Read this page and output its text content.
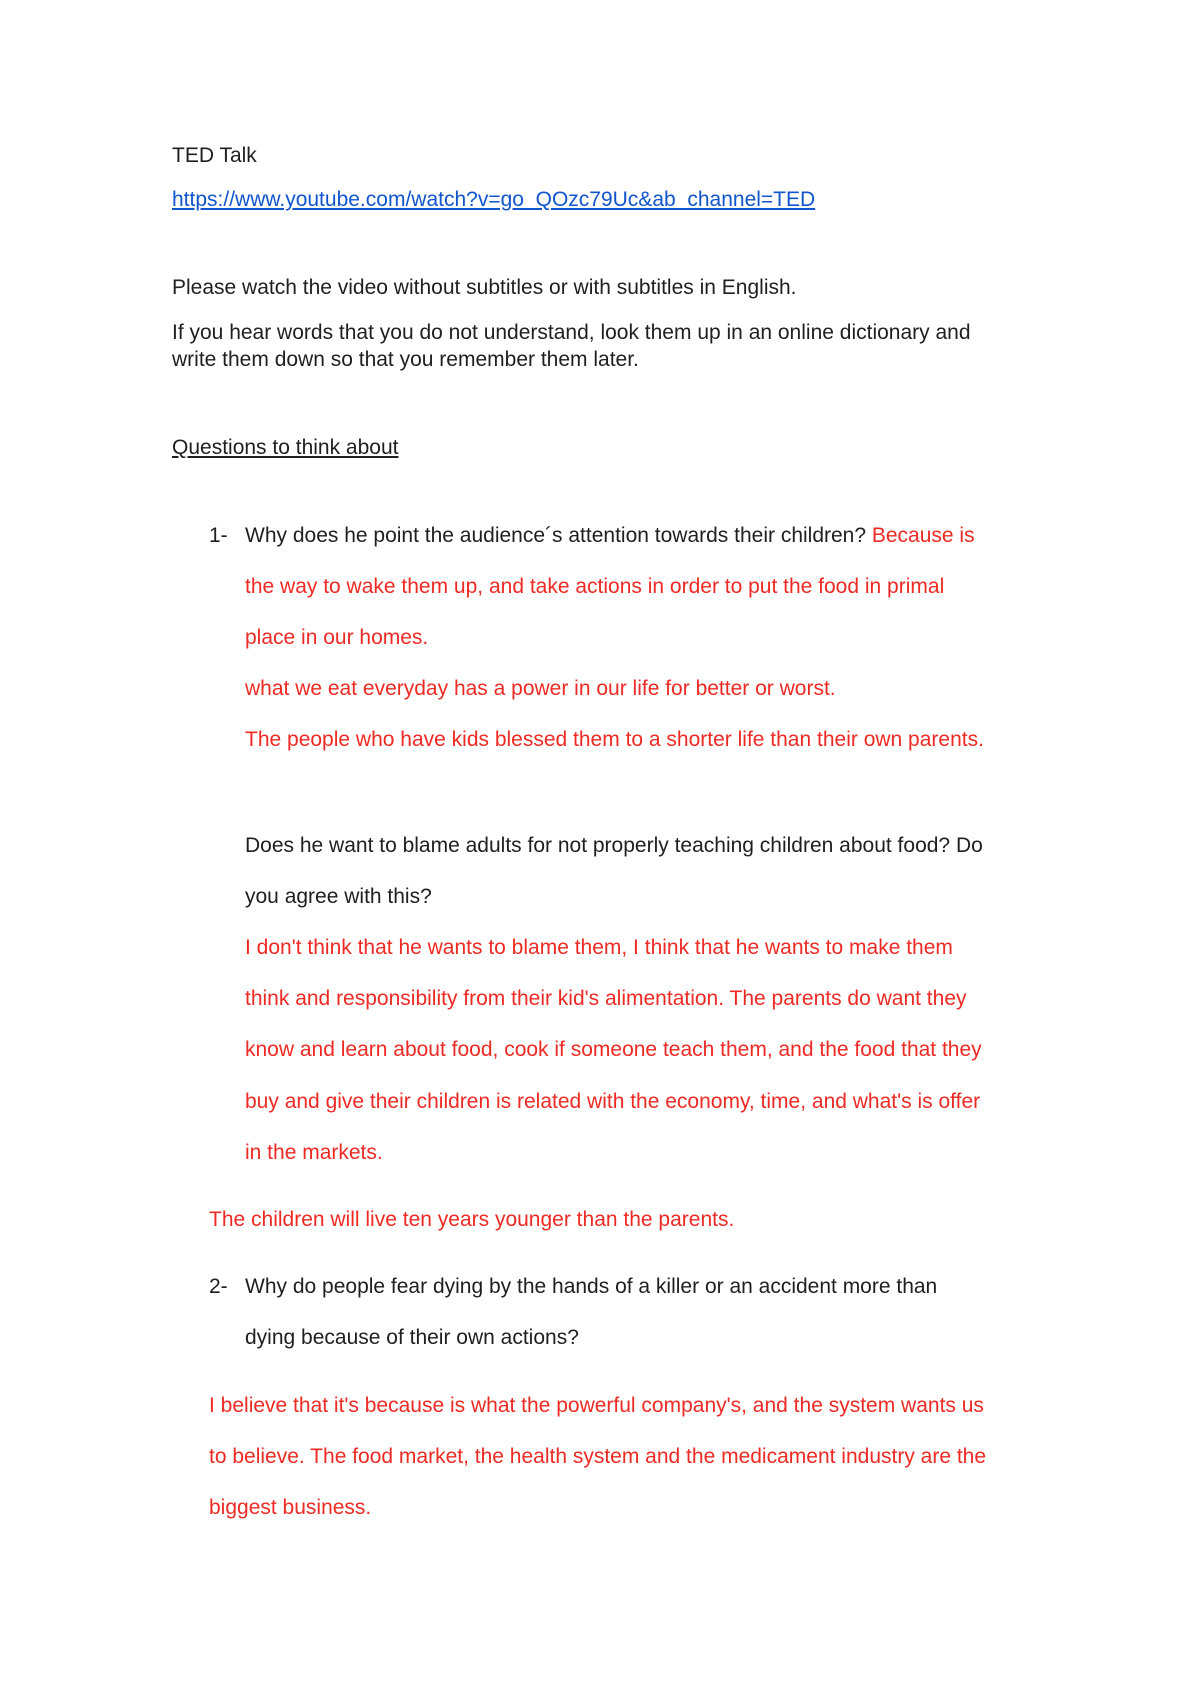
TED Talk

https://www.youtube.com/watch?v=go_QOzc79Uc&ab_channel=TED

Please watch the video without subtitles or with subtitles in English.

If you hear words that you do not understand, look them up in an online dictionary and

write them down so that you remember them later.

Questions to think about

1- Why does he point the audience´s attention towards their children? Because is

the way to wake them up, and take actions in order to put the food in primal

place in our homes.

what we eat everyday has a power in our life for better or worst.

The people who have kids blessed them to a shorter life than their own parents.

Does he want to blame adults for not properly teaching children about food? Do

you agree with this?

I don't think that he wants to blame them, I think that he wants to make them

think and responsibility from their kid's alimentation. The parents do want they

know and learn about food, cook if someone teach them, and the food that they

buy and give their children is related with the economy, time, and what's is offer

in the markets.

The children will live ten years younger than the parents.

2- Why do people fear dying by the hands of a killer or an accident more than

dying because of their own actions?

I believe that it's because is what the powerful company's, and the system wants us

to believe. The food market, the health system and the medicament industry are the

biggest business.
